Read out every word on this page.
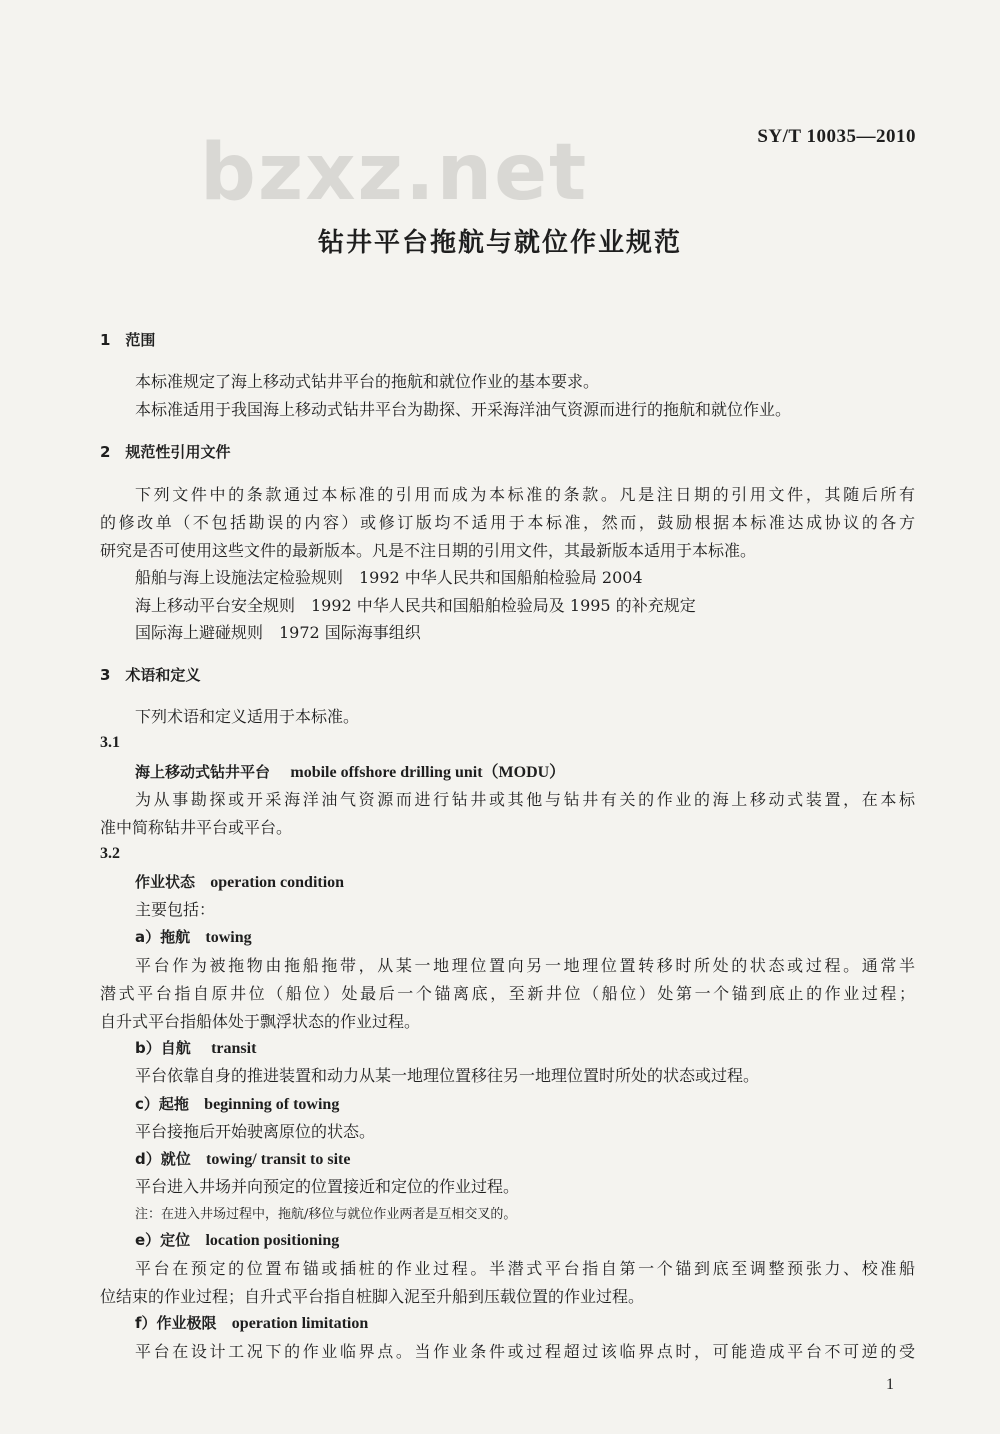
bzxz.net	SY/T 10035—2010
钻井平台拖航与就位作业规范
1　范围
本标准规定了海上移动式钻井平台的拖航和就位作业的基本要求。
本标准适用于我国海上移动式钻井平台为勘探、开采海洋油气资源而进行的拖航和就位作业。
2　规范性引用文件
下列文件中的条款通过本标准的引用而成为本标准的条款。凡是注日期的引用文件，其随后所有
的修改单（不包括勘误的内容）或修订版均不适用于本标准，然而，鼓励根据本标准达成协议的各方
研究是否可使用这些文件的最新版本。凡是不注日期的引用文件，其最新版本适用于本标准。
船舶与海上设施法定检验规则　1992 中华人民共和国船舶检验局 2004
海上移动平台安全规则　1992 中华人民共和国船舶检验局及 1995 的补充规定
国际海上避碰规则　1972 国际海事组织
3　术语和定义
下列术语和定义适用于本标准。
3.1
海上移动式钻井平台 mobile offshore drilling unit（MODU）
为从事勘探或开采海洋油气资源而进行钻井或其他与钻井有关的作业的海上移动式装置，在本标
准中简称钻井平台或平台。
3.2
作业状态 operation condition
主要包括：
a）拖航 towing
平台作为被拖物由拖船拖带，从某一地理位置向另一地理位置转移时所处的状态或过程。通常半
潜式平台指自原井位（船位）处最后一个锚离底，至新井位（船位）处第一个锚到底止的作业过程；
自升式平台指船体处于飘浮状态的作业过程。
b）自航 transit
平台依靠自身的推进装置和动力从某一地理位置移往另一地理位置时所处的状态或过程。
c）起拖 beginning of towing
平台接拖后开始驶离原位的状态。
d）就位 towing/ transit to site
平台进入井场并向预定的位置接近和定位的作业过程。
注：在进入井场过程中，拖航/移位与就位作业两者是互相交叉的。
e）定位 location positioning
平台在预定的位置布锚或插桩的作业过程。半潜式平台指自第一个锚到底至调整预张力、校准船
位结束的作业过程；自升式平台指自桩脚入泥至升船到压载位置的作业过程。
f）作业极限 operation limitation
平台在设计工况下的作业临界点。当作业条件或过程超过该临界点时，可能造成平台不可逆的受
1
